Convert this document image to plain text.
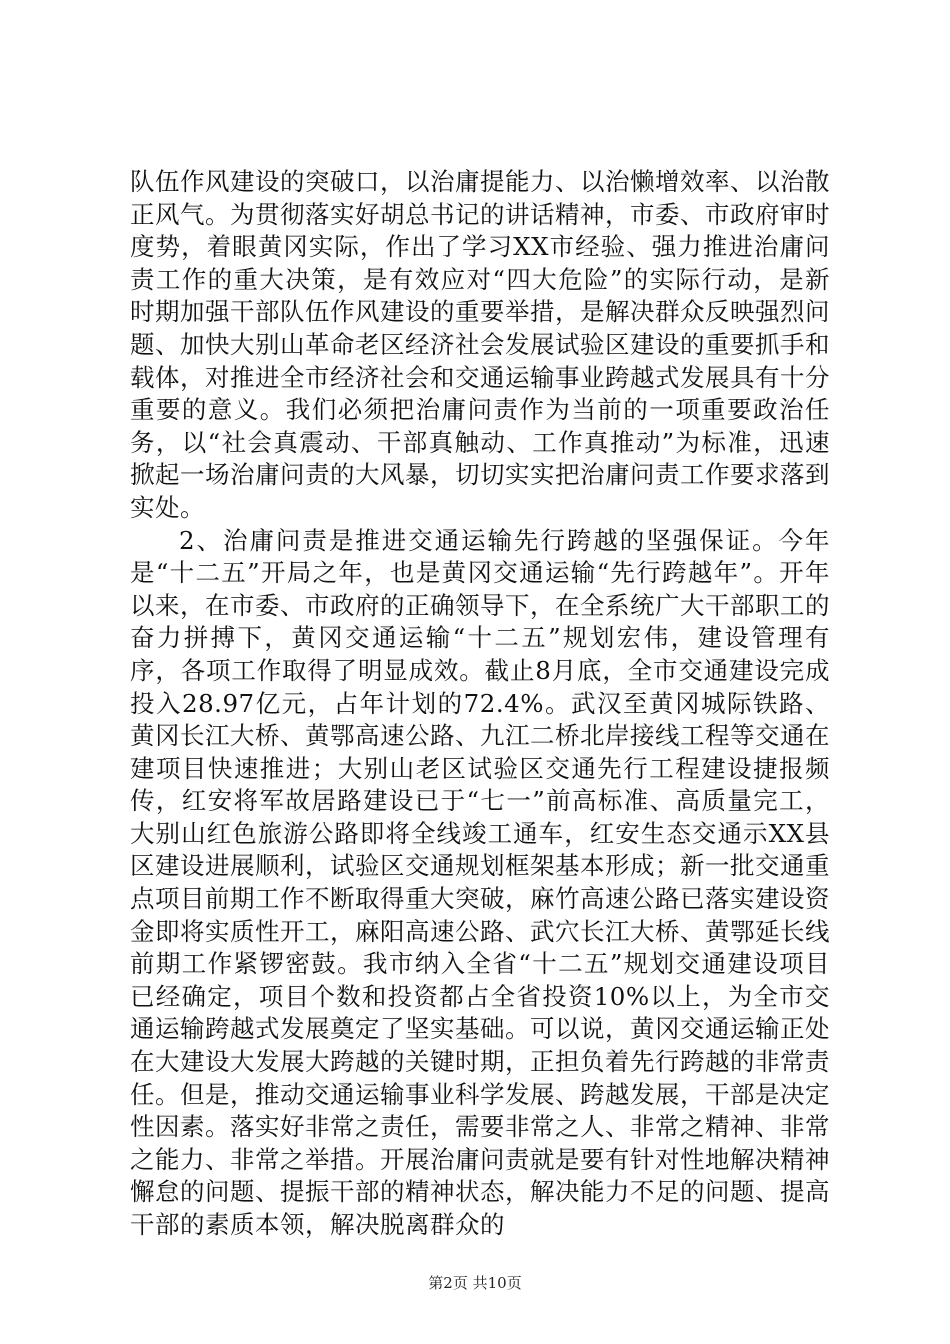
队伍作风建设的突破口，以治庸提能力、以治懒增效率、以治散正风气。为贯彻落实好胡总书记的讲话精神，市委、市政府审时度势，着眼黄冈实际，作出了学习XX市经验、强力推进治庸问责工作的重大决策，是有效应对“四大危险”的实际行动，是新时期加强干部队伍作风建设的重要举措，是解决群众反映强烈问题、加快大别山革命老区经济社会发展试验区建设的重要抓手和载体，对推进全市经济社会和交通运输事业跨越式发展具有十分重要的意义。我们必须把治庸问责作为当前的一项重要政治任务，以“社会真震动、干部真触动、工作真推动”为标准，迅速掀起一场治庸问责的大风暴，切切实实把治庸问责工作要求落到实处。

2、治庸问责是推进交通运输先行跨越的坚强保证。今年是“十二五”开局之年，也是黄冈交通运输“先行跨越年”。开年以来，在市委、市政府的正确领导下，在全系统广大干部职工的奋力拼搏下，黄冈交通运输“十二五”规划宏伟，建设管理有序，各项工作取得了明显成效。截止8月底，全市交通建设完成投入28.97亿元，占年计划的72.4%。武汉至黄冈城际铁路、黄冈长江大桥、黄鄂高速公路、九江二桥北岸接线工程等交通在建项目快速推进；大别山老区试验区交通先行工程建设捷报频传，红安将军故居路建设已于“七一”前高标准、高质量完工，大别山红色旅游公路即将全线竣工通车，红安生态交通示XX县区建设进展顺利，试验区交通规划框架基本形成；新一批交通重点项目前期工作不断取得重大突破，麻竹高速公路已落实建设资金即将实质性开工，麻阳高速公路、武穴长江大桥、黄鄂延长线前期工作紧锣密鼓。我市纳入全省“十二五”规划交通建设项目已经确定，项目个数和投资都占全省投资10%以上，为全市交通运输跨越式发展奠定了坚实基础。可以说，黄冈交通运输正处在大建设大发展大跨越的关键时期，正担负着先行跨越的非常责任。但是，推动交通运输事业科学发展、跨越发展，干部是决定性因素。落实好非常之责任，需要非常之人、非常之精神、非常之能力、非常之举措。开展治庸问责就是要有针对性地解决精神懈怠的问题、提振干部的精神状态，解决能力不足的问题、提高干部的素质本领，解决脱离群众的

第2页 共10页
